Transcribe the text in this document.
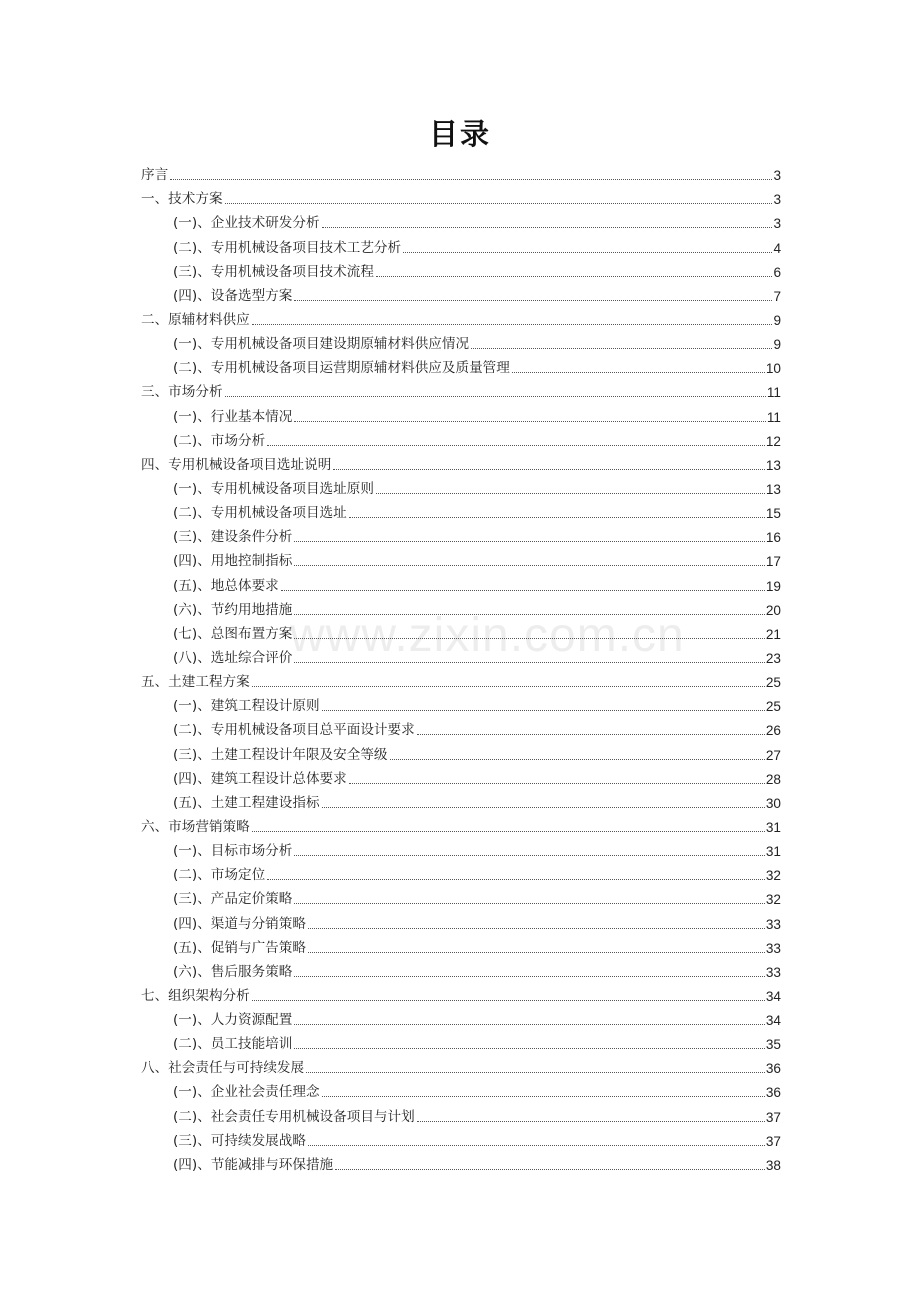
目录
www.zixin.com.cn
序言	3
一、技术方案	3
(一)、企业技术研发分析	3
(二)、专用机械设备项目技术工艺分析	4
(三)、专用机械设备项目技术流程	6
(四)、设备选型方案	7
二、原辅材料供应	9
(一)、专用机械设备项目建设期原辅材料供应情况	9
(二)、专用机械设备项目运营期原辅材料供应及质量管理	10
三、市场分析	11
(一)、行业基本情况	11
(二)、市场分析	12
四、专用机械设备项目选址说明	13
(一)、专用机械设备项目选址原则	13
(二)、专用机械设备项目选址	15
(三)、建设条件分析	16
(四)、用地控制指标	17
(五)、地总体要求	19
(六)、节约用地措施	20
(七)、总图布置方案	21
(八)、选址综合评价	23
五、土建工程方案	25
(一)、建筑工程设计原则	25
(二)、专用机械设备项目总平面设计要求	26
(三)、土建工程设计年限及安全等级	27
(四)、建筑工程设计总体要求	28
(五)、土建工程建设指标	30
六、市场营销策略	31
(一)、目标市场分析	31
(二)、市场定位	32
(三)、产品定价策略	32
(四)、渠道与分销策略	33
(五)、促销与广告策略	33
(六)、售后服务策略	33
七、组织架构分析	34
(一)、人力资源配置	34
(二)、员工技能培训	35
八、社会责任与可持续发展	36
(一)、企业社会责任理念	36
(二)、社会责任专用机械设备项目与计划	37
(三)、可持续发展战略	37
(四)、节能减排与环保措施	38
